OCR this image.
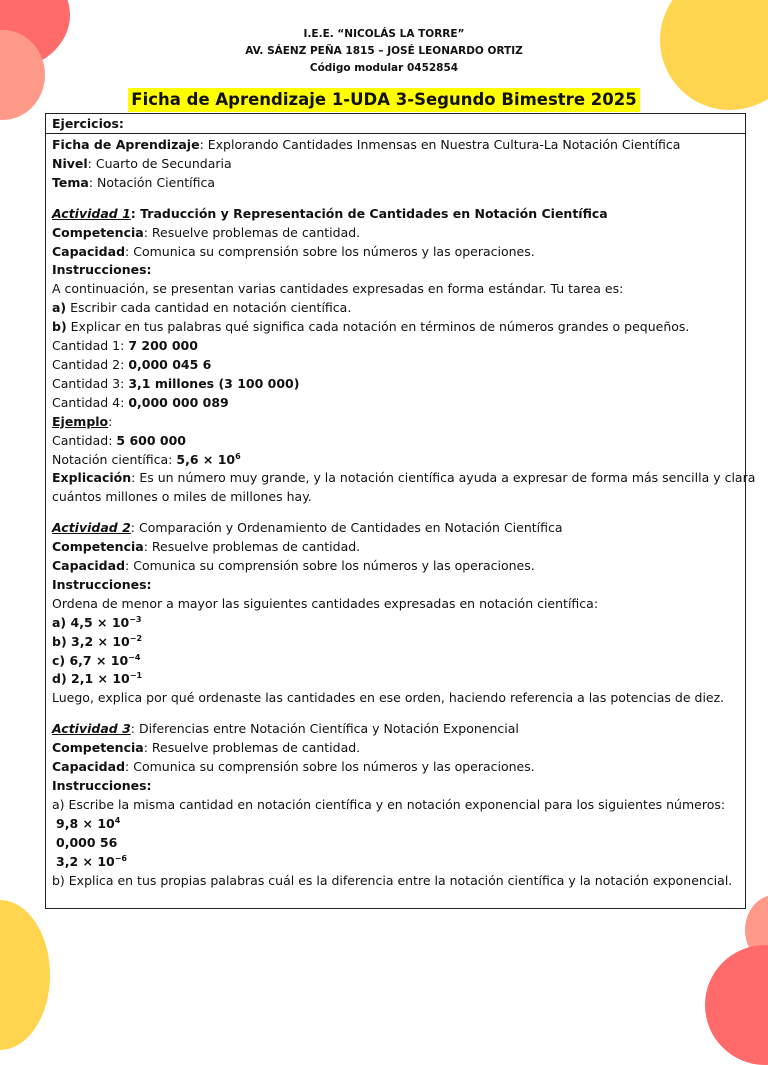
I.E.E. “NICOLÁS LA TORRE”
AV. SÁENZ PEÑA 1815 – JOSÉ LEONARDO ORTIZ
Código modular 0452854
Ficha de Aprendizaje 1-UDA 3-Segundo Bimestre 2025
Ejercicios:
Ficha de Aprendizaje: Explorando Cantidades Inmensas en Nuestra Cultura-La Notación Científica
Nivel: Cuarto de Secundaria
Tema: Notación Científica
Actividad 1: Traducción y Representación de Cantidades en Notación Científica
Competencia: Resuelve problemas de cantidad.
Capacidad: Comunica su comprensión sobre los números y las operaciones.
Instrucciones:
A continuación, se presentan varias cantidades expresadas en forma estándar. Tu tarea es:
a) Escribir cada cantidad en notación científica.
b) Explicar en tus palabras qué significa cada notación en términos de números grandes o pequeños.
Cantidad 1: 7 200 000
Cantidad 2: 0,000 045 6
Cantidad 3: 3,1 millones (3 100 000)
Cantidad 4: 0,000 000 089
Ejemplo:
Cantidad: 5 600 000
Notación científica: $5,6 \times 10^6$
Explicación: Es un número muy grande, y la notación científica ayuda a expresar de forma más sencilla y clara
cuántos millones o miles de millones hay.
Actividad 2: Comparación y Ordenamiento de Cantidades en Notación Científica
Competencia: Resuelve problemas de cantidad.
Capacidad: Comunica su comprensión sobre los números y las operaciones.
Instrucciones:
Ordena de menor a mayor las siguientes cantidades expresadas en notación científica:
a) $4,5 \times 10^{-3}$
b) $3,2 \times 10^{-2}$
c) $6,7 \times 10^{-4}$
d) $2,1 \times 10^{-1}$
Luego, explica por qué ordenaste las cantidades en ese orden, haciendo referencia a las potencias de diez.
Actividad 3: Diferencias entre Notación Científica y Notación Exponencial
Competencia: Resuelve problemas de cantidad.
Capacidad: Comunica su comprensión sobre los números y las operaciones.
Instrucciones:
a) Escribe la misma cantidad en notación científica y en notación exponencial para los siguientes números:
$9,8 \times 10^4$
0,000 56
$3,2 \times 10^{-6}$
b) Explica en tus propias palabras cuál es la diferencia entre la notación científica y la notación exponencial.
